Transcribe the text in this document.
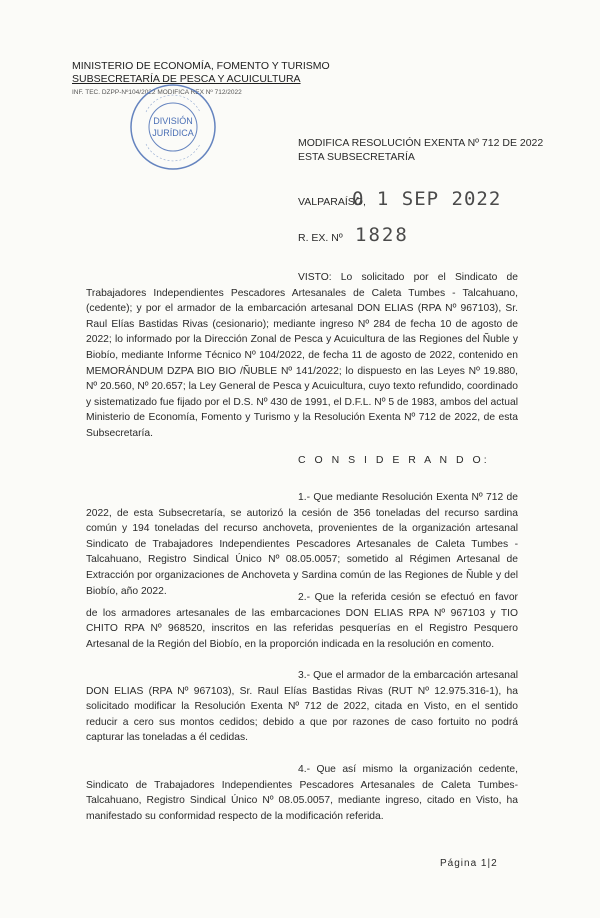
MINISTERIO DE ECONOMÍA, FOMENTO Y TURISMO
SUBSECRETARÍA DE PESCA Y ACUICULTURA
INF. TEC. DZPP-Nº104/2022 MODIFICA REX Nº 712/2022
DIVISIÓN
JURÍDICA
MODIFICA RESOLUCIÓN EXENTA Nº 712 DE 2022
ESTA SUBSECRETARÍA
VALPARAÍSO,
0 1 SEP 2022
R. EX. Nº 1828
VISTO: Lo solicitado por el Sindicato de Trabajadores Independientes Pescadores Artesanales de Caleta Tumbes - Talcahuano, (cedente); y por el armador de la embarcación artesanal DON ELIAS (RPA Nº 967103), Sr. Raul Elías Bastidas Rivas (cesionario); mediante ingreso Nº 284 de fecha 10 de agosto de 2022; lo informado por la Dirección Zonal de Pesca y Acuicultura de las Regiones del Ñuble y Biobío, mediante Informe Técnico Nº 104/2022, de fecha 11 de agosto de 2022, contenido en MEMORÁNDUM DZPA BIO BIO /ÑUBLE Nº 141/2022; lo dispuesto en las Leyes Nº 19.880, Nº 20.560, Nº 20.657; la Ley General de Pesca y Acuicultura, cuyo texto refundido, coordinado y sistematizado fue fijado por el D.S. Nº 430 de 1991, el D.F.L. Nº 5 de 1983, ambos del actual Ministerio de Economía, Fomento y Turismo y la Resolución Exenta Nº 712 de 2022, de esta Subsecretaría.
C O N S I D E R A N D O:
1.- Que mediante Resolución Exenta Nº 712 de 2022, de esta Subsecretaría, se autorizó la cesión de 356 toneladas del recurso sardina común y 194 toneladas del recurso anchoveta, provenientes de la organización artesanal Sindicato de Trabajadores Independientes Pescadores Artesanales de Caleta Tumbes - Talcahuano, Registro Sindical Único Nº 08.05.0057; sometido al Régimen Artesanal de Extracción por organizaciones de Anchoveta y Sardina común de las Regiones de Ñuble y del Biobío, año 2022.
2.- Que la referida cesión se efectuó en favor de los armadores artesanales de las embarcaciones DON ELIAS RPA Nº 967103 y TIO CHITO RPA Nº 968520, inscritos en las referidas pesquerías en el Registro Pesquero Artesanal de la Región del Biobío, en la proporción indicada en la resolución en comento.
3.- Que el armador de la embarcación artesanal DON ELIAS (RPA Nº 967103), Sr. Raul Elías Bastidas Rivas (RUT Nº 12.975.316-1), ha solicitado modificar la Resolución Exenta Nº 712 de 2022, citada en Visto, en el sentido reducir a cero sus montos cedidos; debido a que por razones de caso fortuito no podrá capturar las toneladas a él cedidas.
4.- Que así mismo la organización cedente, Sindicato de Trabajadores Independientes Pescadores Artesanales de Caleta Tumbes- Talcahuano, Registro Sindical Único Nº 08.05.0057, mediante ingreso, citado en Visto, ha manifestado su conformidad respecto de la modificación referida.
Página 1|2
